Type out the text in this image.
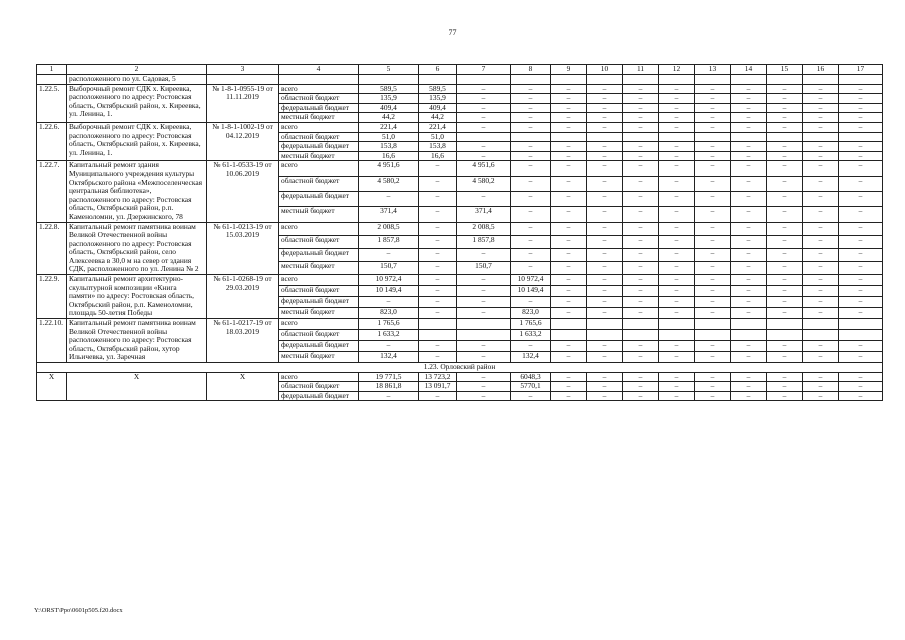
77
1	2	3	4	5	6	7	8	9	10	11	12	13	14	15	16	17
	расположенного по ул. Садовая, 5															
1.22.5.	Выборочный ремонт СДК х. Киреевка, расположенного по адресу: Ростовская область, Октябрьский район, х. Киреевка, ул. Ленина, 1.	№ 1-8-1-0955-19 от 11.11.2019	всего	589,5	589,5	–	–	–	–	–	–	–	–	–	–	–
			областной бюджет	135,9	135,9	–	–	–	–	–	–	–	–	–	–	–
			федеральный бюджет	409,4	409,4	–	–	–	–	–	–	–	–	–	–	–
			местный бюджет	44,2	44,2	–	–	–	–	–	–	–	–	–	–	–
1.22.6.	Выборочный ремонт СДК х. Киреевка, расположенного по адресу: Ростовская область, Октябрьский район, х. Киреевка, ул. Ленина, 1.	№ 1-8-1-1002-19 от 04.12.2019	всего	221,4	221,4	–	–	–	–	–	–	–	–	–	–	–
			областной бюджет	51,0	51,0											
			федеральный бюджет	153,8	153,8	–	–	–	–	–	–	–	–	–	–	–
			местный бюджет	16,6	16,6	–	–	–	–	–	–	–	–	–	–	–
1.22.7.	Капитальный ремонт здания Муниципального учреждения культуры Октябрьского района «Межпоселенческая центральная библиотека», расположенного по адресу: Ростовская область, Октябрьский район, р.п. Каменоломни, ул. Дзержинского, 78	№ 61-1-0533-19 от 10.06.2019	всего	4 951,6	–	4 951,6	–	–	–	–	–	–	–	–	–	–
			областной бюджет	4 580,2	–	4 580,2	–	–	–	–	–	–	–	–	–	–
			федеральный бюджет	–	–	–	–	–	–	–	–	–	–	–	–	–
			местный бюджет	371,4	–	371,4	–	–	–	–	–	–	–	–	–	–
1.22.8.	Капитальный ремонт памятника воинам Великой Отечественной войны расположенного по адресу: Ростовская область, Октябрьский район, село Алексеевка в 30,0 м на север от здания СДК, расположенного по ул. Ленина № 2	№ 61-1-0213-19 от 15.03.2019	всего	2 008,5	–	2 008,5	–	–	–	–	–	–	–	–	–	–
			областной бюджет	1 857,8	–	1 857,8	–	–	–	–	–	–	–	–	–	–
			федеральный бюджет	–	–	–	–	–	–	–	–	–	–	–	–	–
			местный бюджет	150,7	–	150,7	–	–	–	–	–	–	–	–	–	–
1.22.9.	Капитальный ремонт архитектурно-скульптурной композиции «Книга памяти» по адресу: Ростовская область, Октябрьский район, р.п. Каменоломни, площадь 50-летия Победы	№ 61-1-0268-19 от 29.03.2019	всего	10 972,4	–	–	10 972,4	–	–	–	–	–	–	–	–	–
			областной бюджет	10 149,4	–	–	10 149,4	–	–	–	–	–	–	–	–	–
			федеральный бюджет	–	–	–	–	–	–	–	–	–	–	–	–	–
			местный бюджет	823,0	–	–	823,0	–	–	–	–	–	–	–	–	–
1.22.10.	Капитальный ремонт памятника воинам Великой Отечественной войны расположенного по адресу: Ростовская область, Октябрьский район, хутор Ильичевка, ул. Заречная	№ 61-1-0217-19 от 18.03.2019	всего	1 765,6			1 765,6									
			областной бюджет	1 633,2			1 633,2									
			федеральный бюджет	–	–	–	–	–	–	–	–	–	–	–	–	–
			местный бюджет	132,4	–	–	132,4	–	–	–	–	–	–	–	–	–
1.23. Орловский район																
Х	Х	Х	всего	19 771,5	13 723,2	–	6048,3	–	–	–	–	–	–	–	–	–
			областной бюджет	18 861,8	13 091,7	–	5770,1	–	–	–	–	–	–	–	–	–
			федеральный бюджет	–	–	–	–	–	–	–	–	–	–	–	–	–
Y:\ORST\Ppo\0601p505.f20.docx
